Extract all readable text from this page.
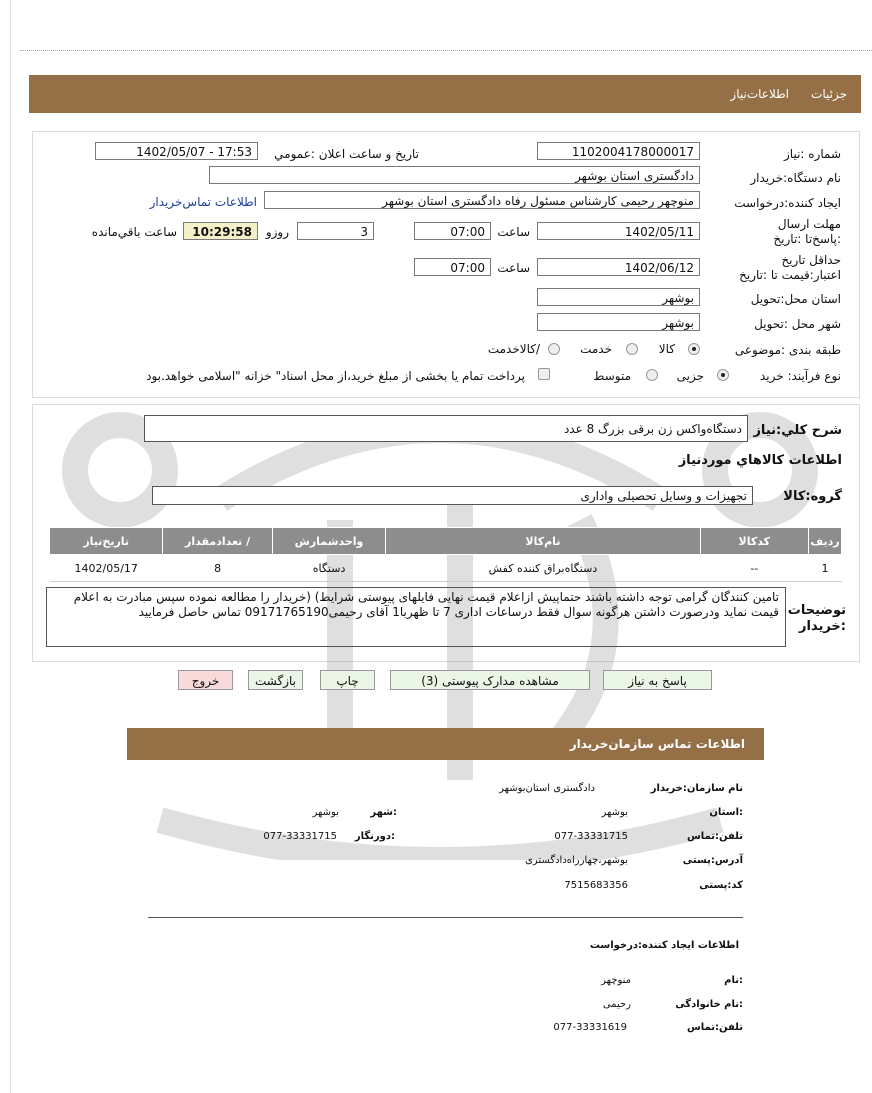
جزئیات
اطلاعات‌نیاز
شماره :نیاز
1102004178000017
تاریخ و ساعت اعلان :عمومي
1402/05/07 - 17:53
نام دستگاه:خریدار
دادگستری استان بوشهر
ایجاد کننده:درخواست
منوچهر رحیمی کارشناس مسئول رفاه دادگستری استان بوشهر
اطلاعات تماس‌خریدار
مهلت ارسال :پاسخ‌تا :تاریخ
1402/05/11
ساعت
07:00
3
روزو
10:29:58
ساعت باقي‌مانده
حداقل تاریخ اعتبار:قیمت تا :تاریخ
1402/06/12
ساعت
07:00
استان محل:تحویل
بوشهر
شهر محل :تحویل
بوشهر
طبقه بندی :موضوعی
کالا
خدمت
/کالاخدمت
نوع فرآیند: خرید
جزیی
متوسط
پرداخت تمام یا بخشی از مبلغ خرید،از محل اسناد" خزانه "اسلامی خواهد.بود
شرح کلي:نیاز
دستگاه‌واکس زن برقی بزرگ 8 عدد
اطلاعات کالاهاي موردنیاز
گروه:کالا
تجهیزات و وسایل تحصیلی واداری
ردیف	کدکالا	نام‌کالا	واحدشمارش	/ تعدادمقدار	تاریخ‌نیاز
1	--	دستگاه‌براق کننده کفش	دستگاه	8	1402/05/17
توضیحات :خریدار
تامین کنندگان گرامی توجه داشته باشند حتماپیش ازاعلام قیمت نهایی فایلهای پیوستی شرایط) (خریدار را مطالعه نموده سپس مبادرت به اعلام قیمت نماید ودرصورت داشتن هرگونه سوال فقط درساعات اداری 7 تا ظهربا1 آقای رحیمی09171765190 تماس حاصل فرمایید
پاسخ به نیاز
مشاهده مدارک پیوستی (3)
چاپ
بازگشت
خروج
اطلاعات تماس سازمان‌خریدار
نام سازمان:خریدار
دادگستری استان‌بوشهر
:استان
بوشهر
:شهر
بوشهر
تلفن:تماس
077-33331715
:دورنگار
077-33331715
آدرس:پستی
بوشهر،چهارراه‌دادگستری
کد:پستی
7515683356
اطلاعات ایجاد کننده:درخواست
:نام
منوچهر
:نام خانوادگی
رحیمی
تلفن:تماس
077-33331619
